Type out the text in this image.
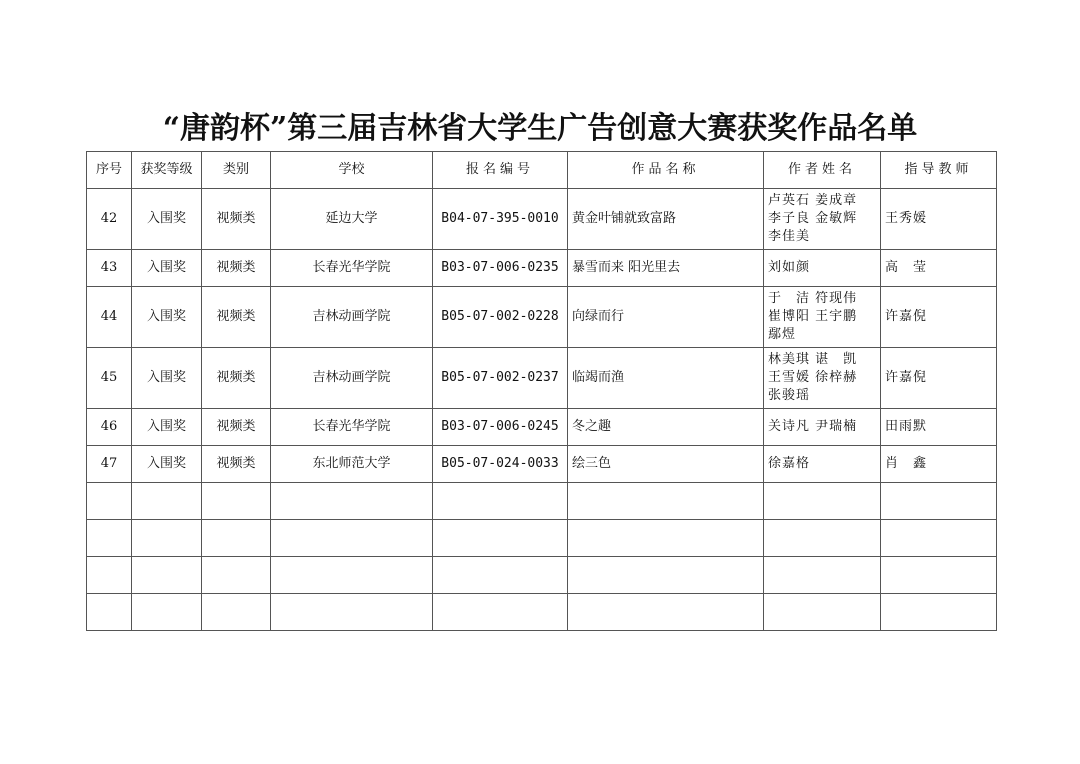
“唐韵杯”第三届吉林省大学生广告创意大赛获奖作品名单
序号	获奖等级	类别	学校	报名编号	作品名称	作者姓名	指导教师
42	入围奖	视频类	延边大学	B04-07-395-0010	黄金叶铺就致富路	卢英石 姜成章
李子良 金敏辉
李佳美	王秀媛
43	入围奖	视频类	长春光华学院	B03-07-006-0235	暴雪而来 阳光里去	刘如颜	高　莹
44	入围奖	视频类	吉林动画学院	B05-07-002-0228	向绿而行	于　洁 符现伟
崔博阳 王宇鹏
鄢煜	许嘉倪
45	入围奖	视频类	吉林动画学院	B05-07-002-0237	临竭而渔	林美琪 谌　凯
王雪媛 徐梓赫
张骏瑶	许嘉倪
46	入围奖	视频类	长春光华学院	B03-07-006-0245	冬之趣	关诗凡 尹瑞楠	田雨默
47	入围奖	视频类	东北师范大学	B05-07-024-0033	绘三色	徐嘉格	肖　鑫
